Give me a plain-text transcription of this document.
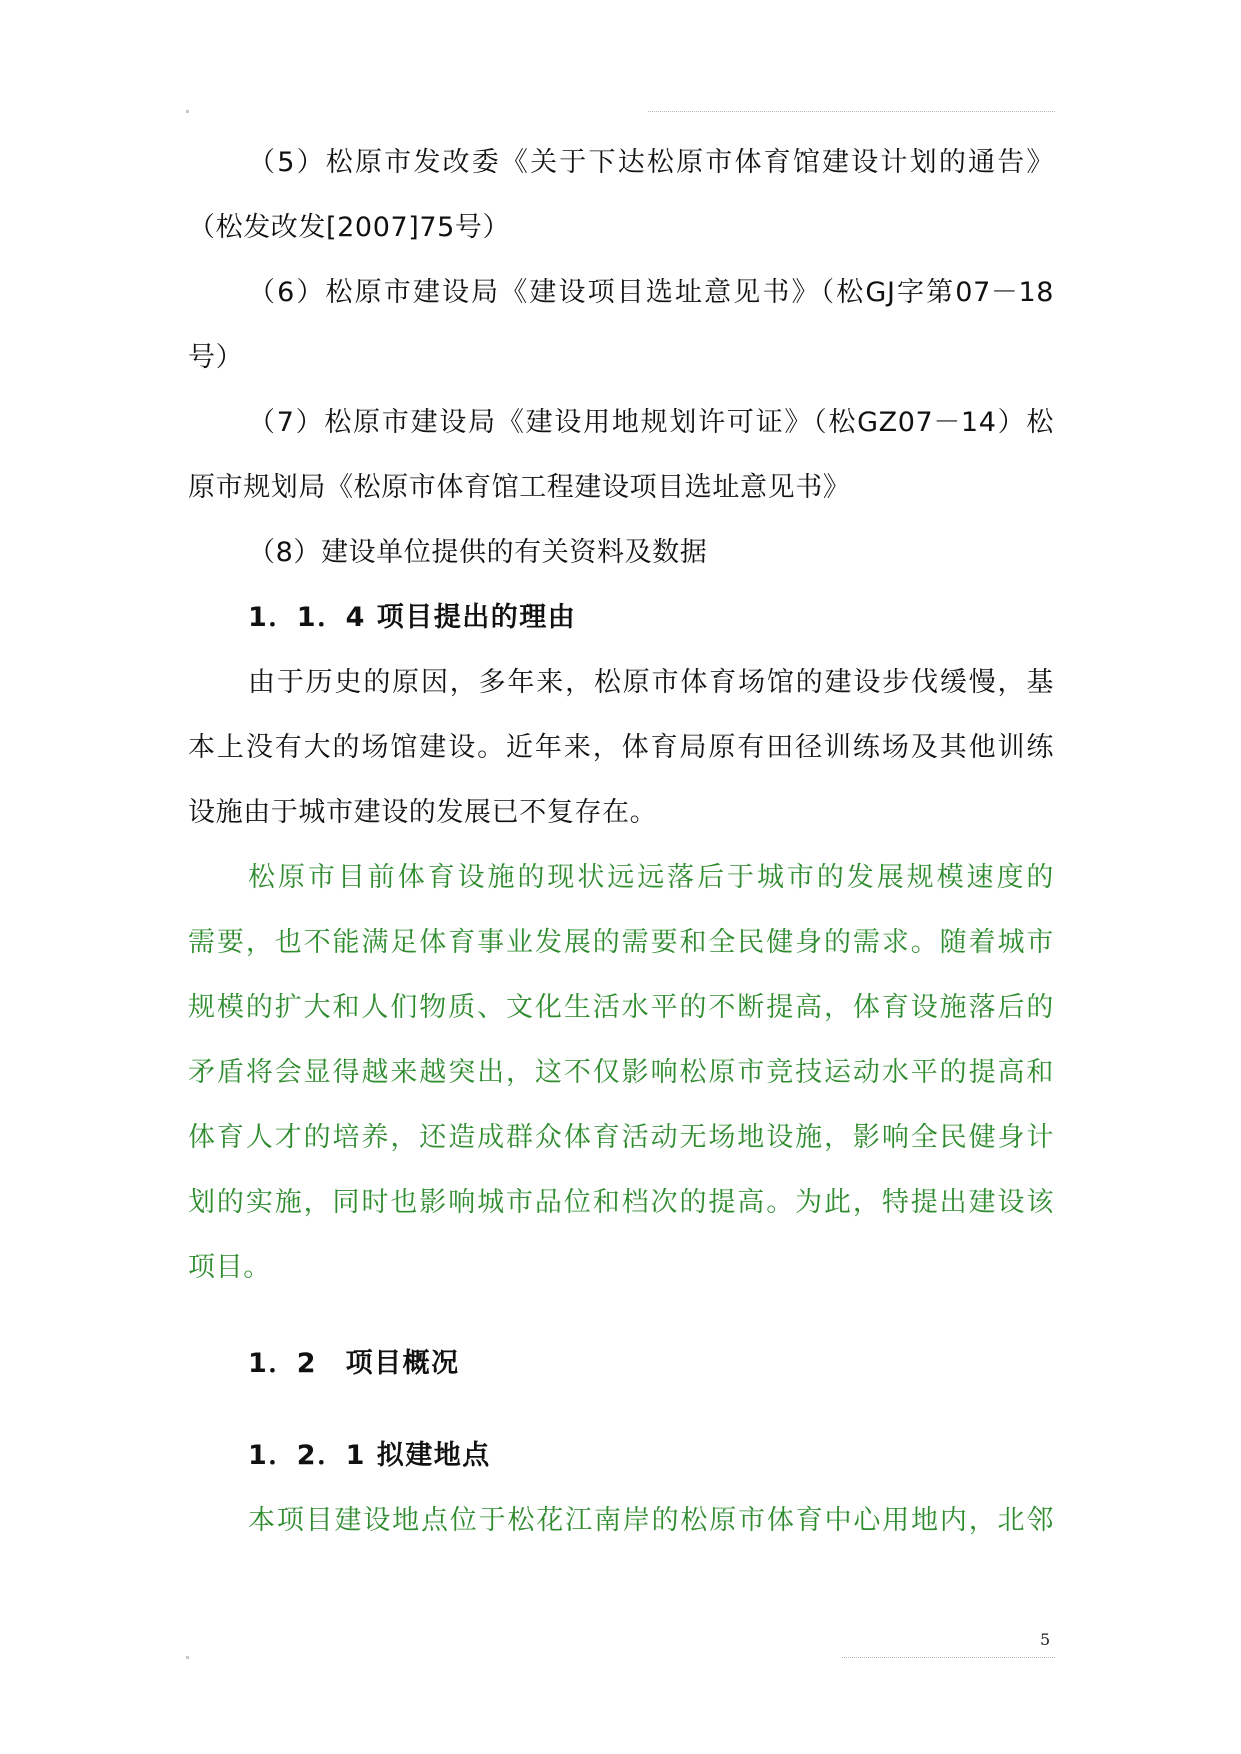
（5）松原市发改委《关于下达松原市体育馆建设计划的通告》
（松发改发[2007]75号）
（6）松原市建设局《建设项目选址意见书》（松GJ字第07－18
号）
（7）松原市建设局《建设用地规划许可证》（松GZ07－14）松
原市规划局《松原市体育馆工程建设项目选址意见书》
（8）建设单位提供的有关资料及数据
1．1．4 项目提出的理由
由于历史的原因，多年来，松原市体育场馆的建设步伐缓慢，基
本上没有大的场馆建设。近年来，体育局原有田径训练场及其他训练
设施由于城市建设的发展已不复存在。
松原市目前体育设施的现状远远落后于城市的发展规模速度的
需要，也不能满足体育事业发展的需要和全民健身的需求。随着城市
规模的扩大和人们物质、文化生活水平的不断提高，体育设施落后的
矛盾将会显得越来越突出，这不仅影响松原市竞技运动水平的提高和
体育人才的培养，还造成群众体育活动无场地设施，影响全民健身计
划的实施，同时也影响城市品位和档次的提高。为此，特提出建设该
项目。
1．2　项目概况
1．2．1 拟建地点
本项目建设地点位于松花江南岸的松原市体育中心用地内，北邻
5
